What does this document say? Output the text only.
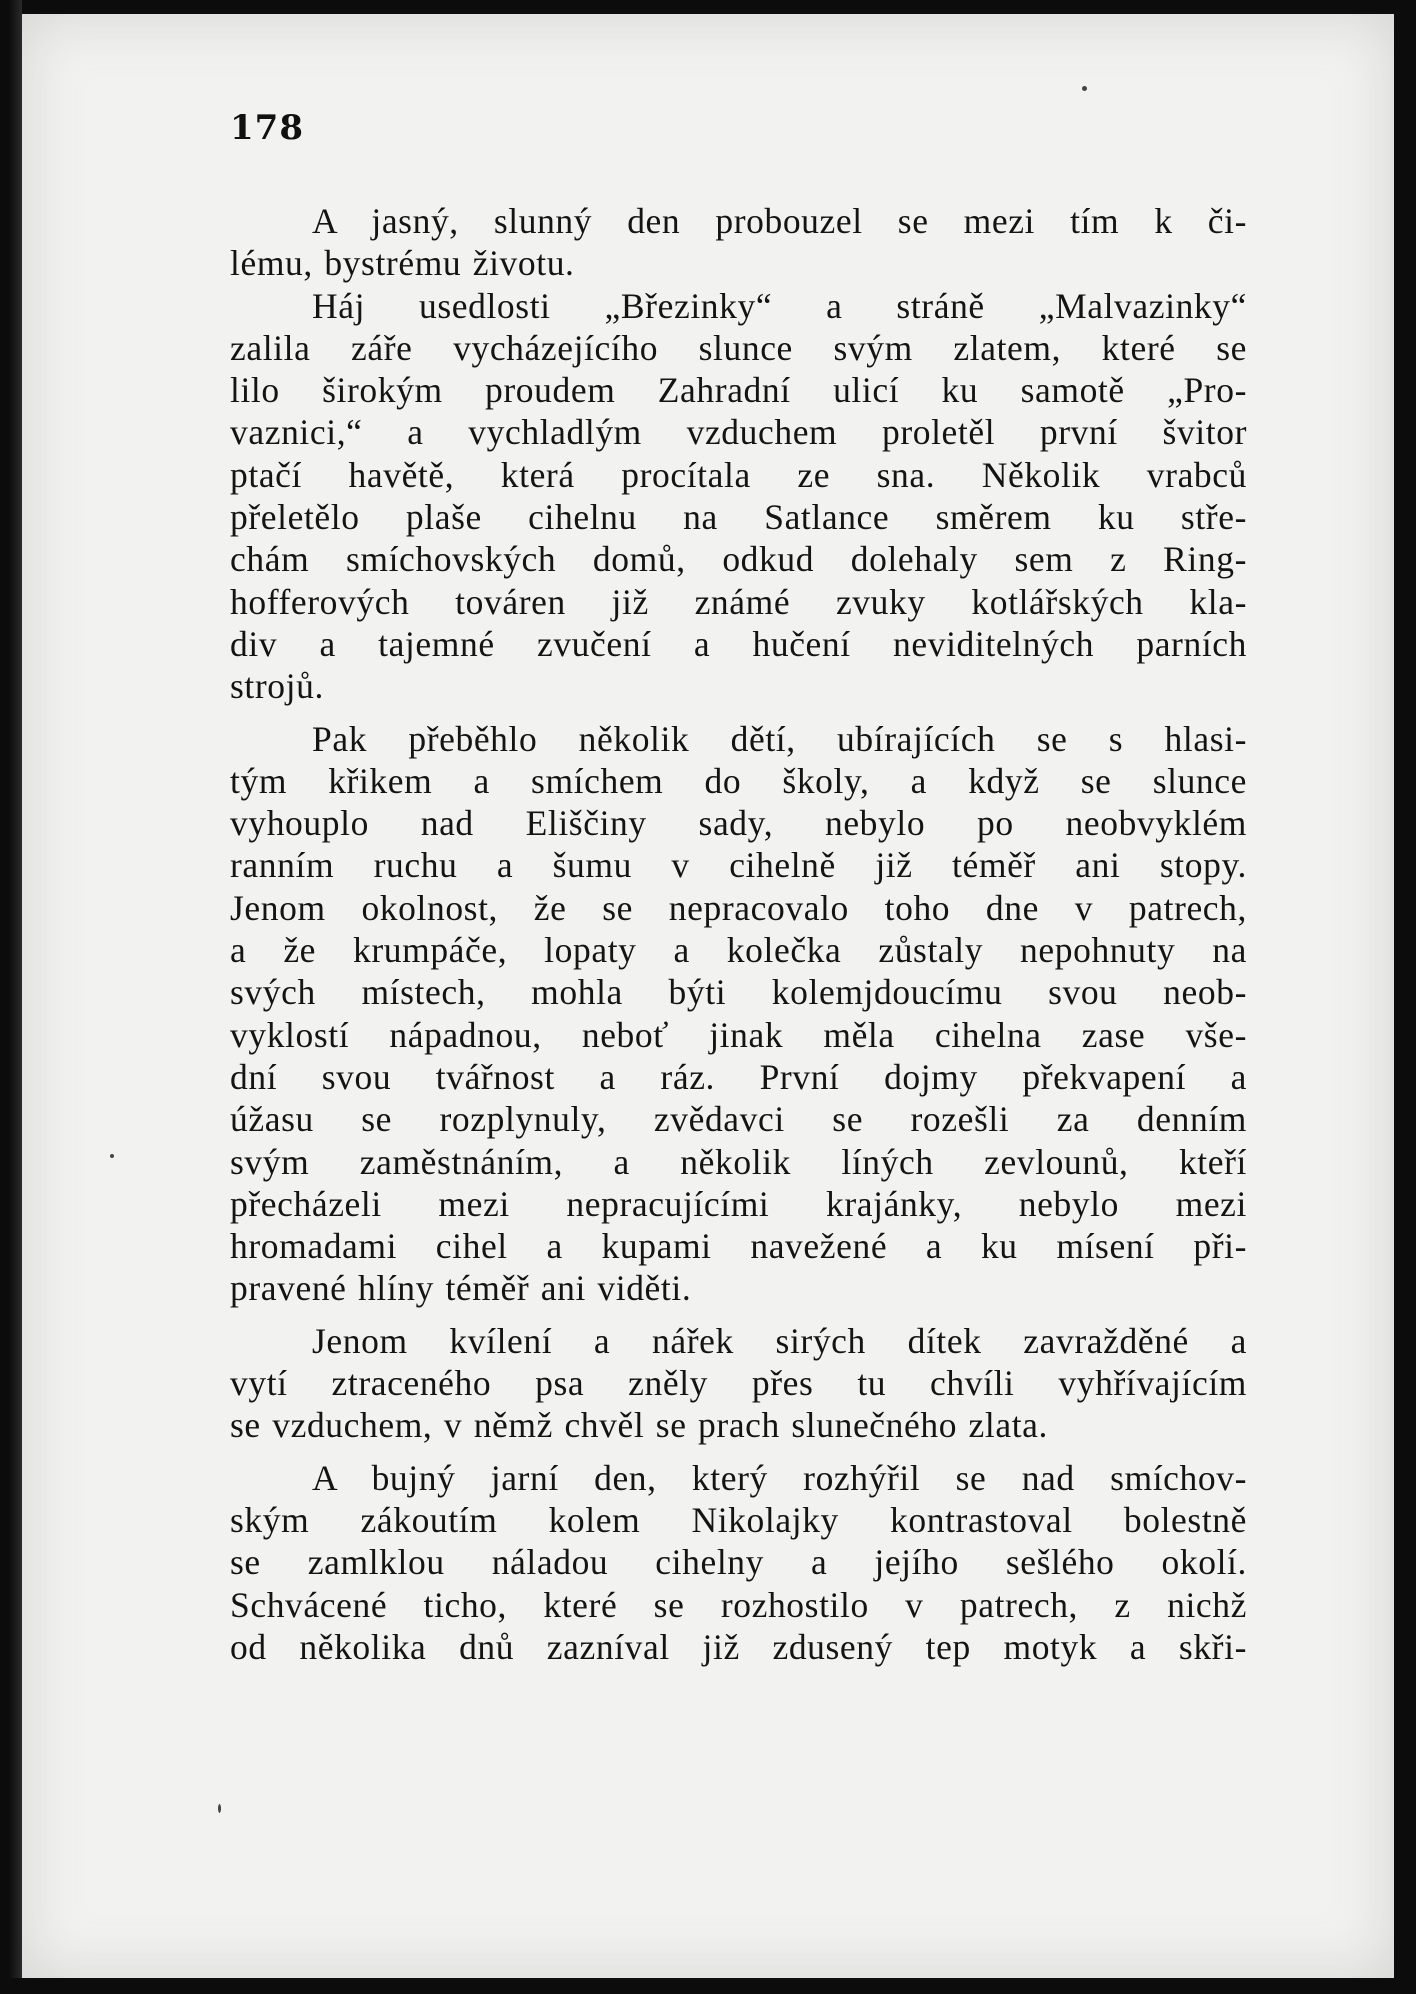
178

A jasný, slunný den probouzel se mezi tím k či-
lému, bystrému životu.

Háj usedlosti „Březinky“ a stráně „Malvazinky“
zalila záře vycházejícího slunce svým zlatem, které se
lilo širokým proudem Zahradní ulicí ku samotě „Pro-
vaznici,“ a vychladlým vzduchem proletěl první švitor
ptačí havětě, která procítala ze sna. Několik vrabců
přeletělo plaše cihelnu na Satlance směrem ku stře-
chám smíchovských domů, odkud dolehaly sem z Ring-
hofferových továren již známé zvuky kotlářských kla-
div a tajemné zvučení a hučení neviditelných parních
strojů.

Pak přeběhlo několik dětí, ubírajících se s hlasi-
tým křikem a smíchem do školy, a když se slunce
vyhouplo nad Eliščiny sady, nebylo po neobvyklém
ranním ruchu a šumu v cihelně již téměř ani stopy.
Jenom okolnost, že se nepracovalo toho dne v patrech,
a že krumpáče, lopaty a kolečka zůstaly nepohnuty na
svých místech, mohla býti kolemjdoucímu svou neob-
vyklostí nápadnou, neboť jinak měla cihelna zase vše-
dní svou tvářnost a ráz. První dojmy překvapení a
úžasu se rozplynuly, zvědavci se rozešli za denním
svým zaměstnáním, a několik líných zevlounů, kteří
přecházeli mezi nepracujícími krajánky, nebylo mezi
hromadami cihel a kupami navežené a ku mísení při-
pravené hlíny téměř ani viděti.

Jenom kvílení a nářek sirých dítek zavražděné a
vytí ztraceného psa zněly přes tu chvíli vyhřívajícím
se vzduchem, v němž chvěl se prach slunečného zlata.

A bujný jarní den, který rozhýřil se nad smíchov-
ským zákoutím kolem Nikolajky kontrastoval bolestně
se zamlklou náladou cihelny a jejího sešlého okolí.
Schvácené ticho, které se rozhostilo v patrech, z nichž
od několika dnů zazníval již zdusený tep motyk a skři-
